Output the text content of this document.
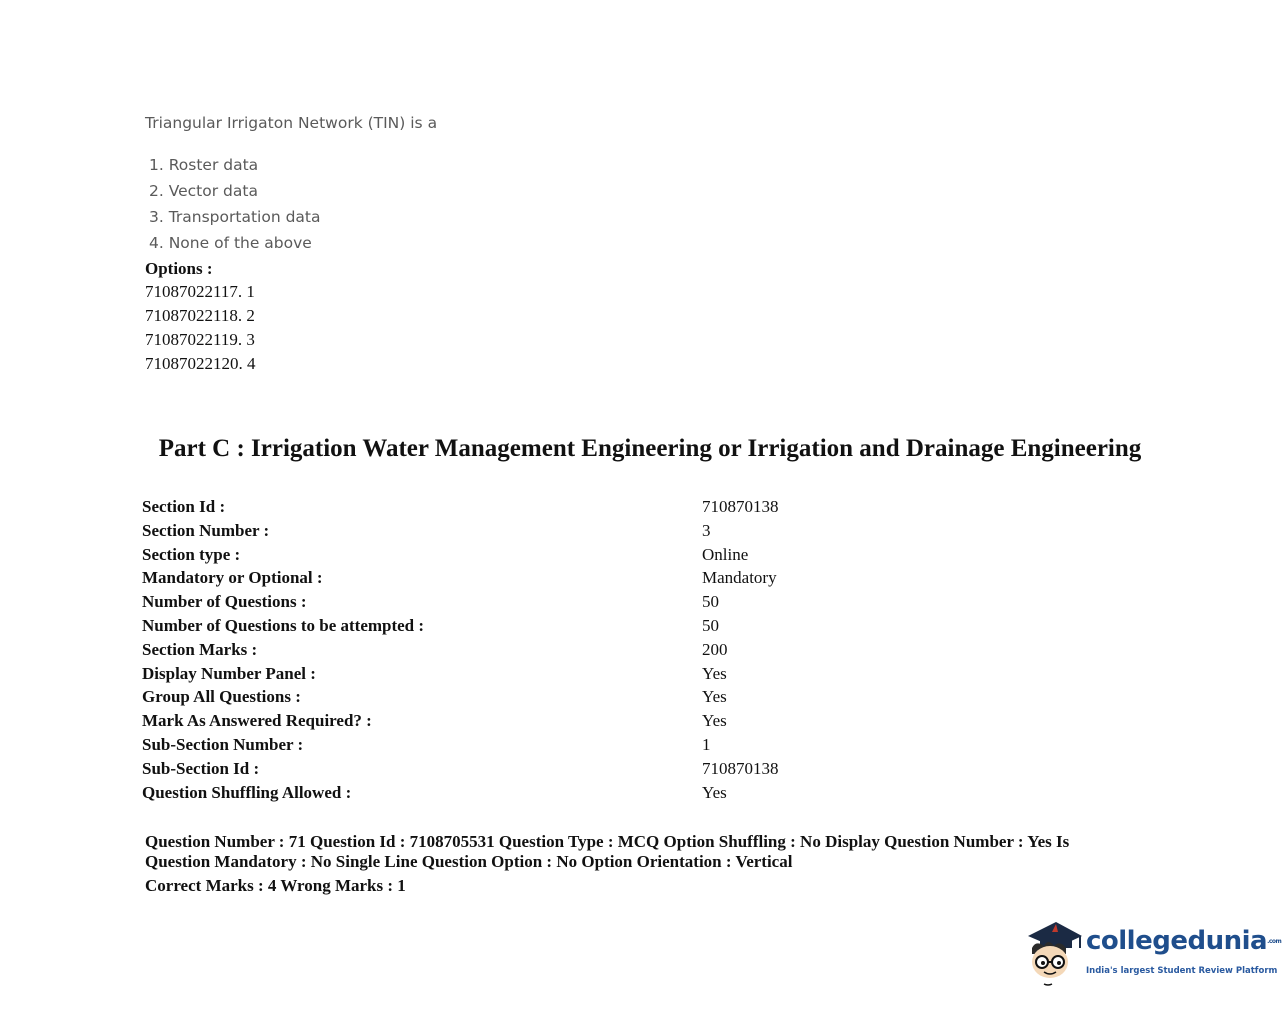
Triangular Irrigaton Network (TIN) is a

1. Roster data
2. Vector data
3. Transportation data
4. None of the above
Options :
71087022117. 1
71087022118. 2
71087022119. 3
71087022120. 4
Part C : Irrigation Water Management Engineering or Irrigation and Drainage Engineering
Section Id :	710870138
Section Number :	3
Section type :	Online
Mandatory or Optional :	Mandatory
Number of Questions :	50
Number of Questions to be attempted :	50
Section Marks :	200
Display Number Panel :	Yes
Group All Questions :	Yes
Mark As Answered Required? :	Yes
Sub-Section Number :	1
Sub-Section Id :	710870138
Question Shuffling Allowed :	Yes
Question Number : 71 Question Id : 7108705531 Question Type : MCQ Option Shuffling : No Display Question Number : Yes Is Question Mandatory : No Single Line Question Option : No Option Orientation : Vertical
Correct Marks : 4 Wrong Marks : 1
collegedunia.com
India's largest Student Review Platform
